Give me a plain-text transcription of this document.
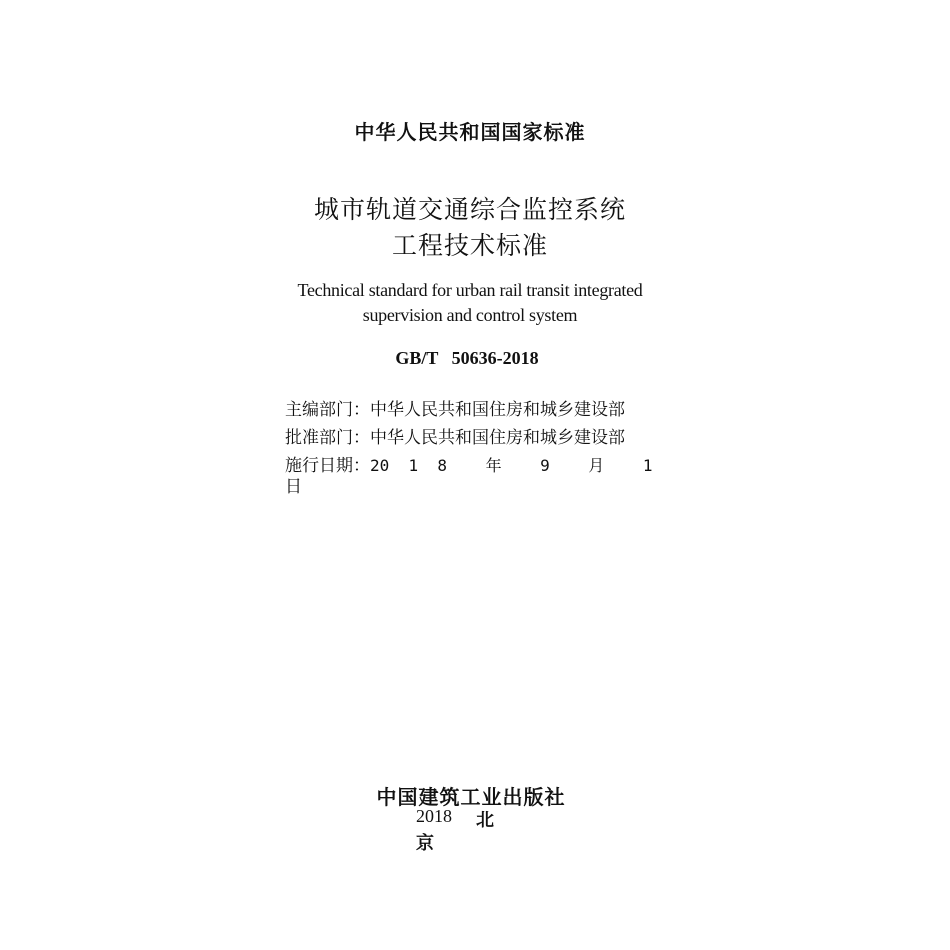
中华人民共和国国家标准
城市轨道交通综合监控系统
工程技术标准
Technical standard for urban rail transit integrated
supervision and control system
GB/T   50636-2018
主编部门：中华人民共和国住房和城乡建设部
批准部门：中华人民共和国住房和城乡建设部
施行日期：20  1  8    年    9    月    1
日
中国建筑工业出版社
2018 北
京
